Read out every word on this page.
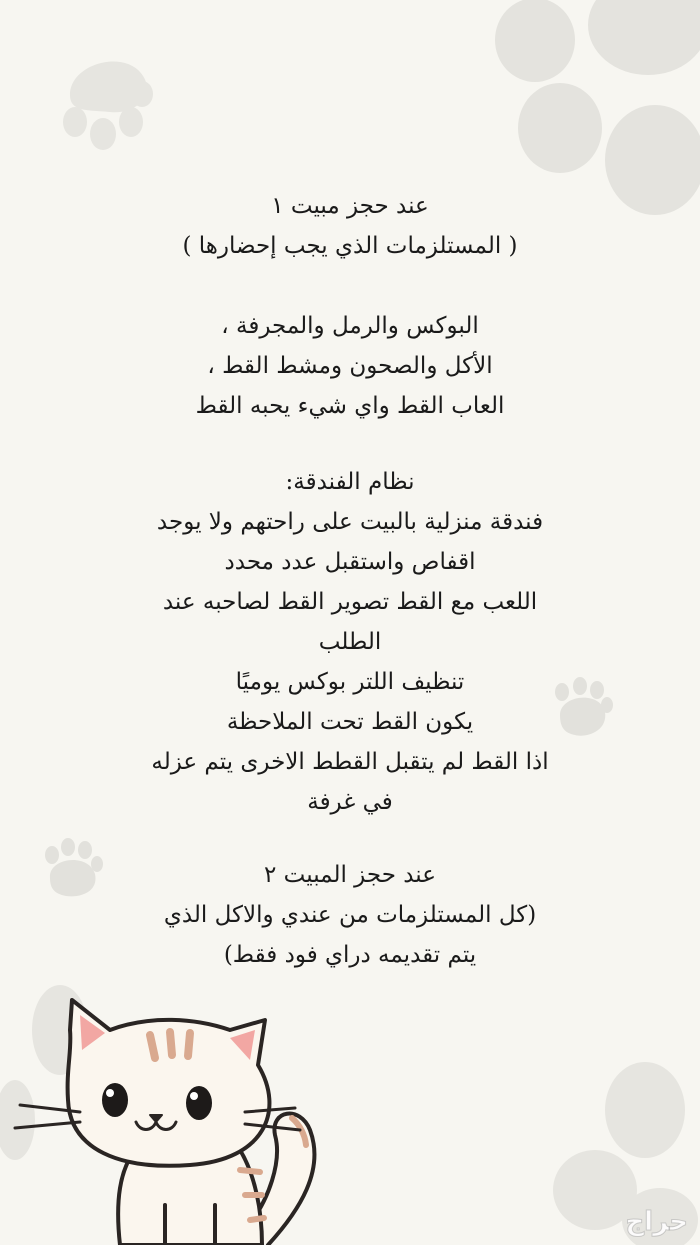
عند حجز مبيت ١
( المستلزمات الذي يجب إحضارها )
البوكس والرمل والمجرفة ،
الأكل والصحون ومشط القط ،
العاب القط واي شيء يحبه القط
نظام الفندقة:
فندقة منزلية بالبيت على راحتهم ولا يوجد
اقفاص واستقبل عدد محدد
اللعب مع القط تصوير القط لصاحبه عند
الطلب
تنظيف اللتر بوكس يوميًا
يكون القط تحت الملاحظة
اذا القط لم يتقبل القطط الاخرى يتم عزله
في غرفة
عند حجز المبيت ٢
(كل المستلزمات من عندي والاكل الذي
يتم تقديمه دراي فود فقط)
حراج
